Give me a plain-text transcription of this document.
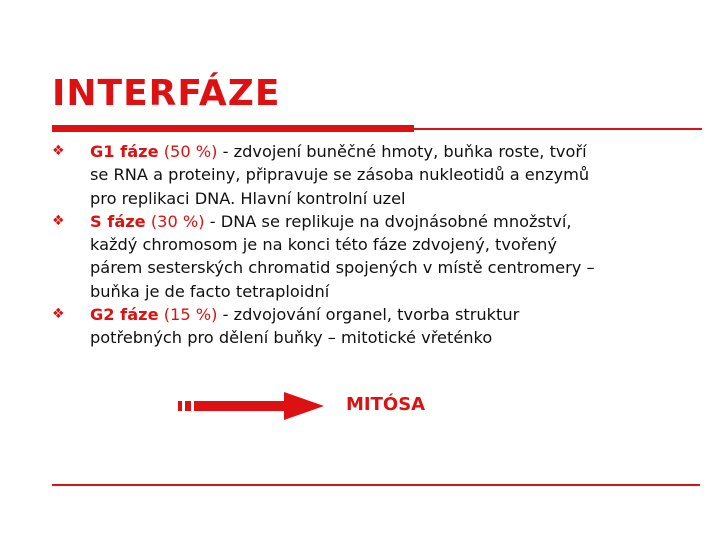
INTERFÁZE
❖ G1 fáze (50 %) - zdvojení buněčné hmoty, buňka roste, tvoří
se RNA a proteiny, připravuje se zásoba nukleotidů a enzymů
pro replikaci DNA. Hlavní kontrolní uzel
❖ S fáze (30 %) - DNA se replikuje na dvojnásobné množství,
každý chromosom je na konci této fáze zdvojený, tvořený
párem sesterských chromatid spojených v místě centromery –
buňka je de facto tetraploidní
❖ G2 fáze (15 %) - zdvojování organel, tvorba struktur
potřebných pro dělení buňky – mitotické vřeténko
MITÓSA
